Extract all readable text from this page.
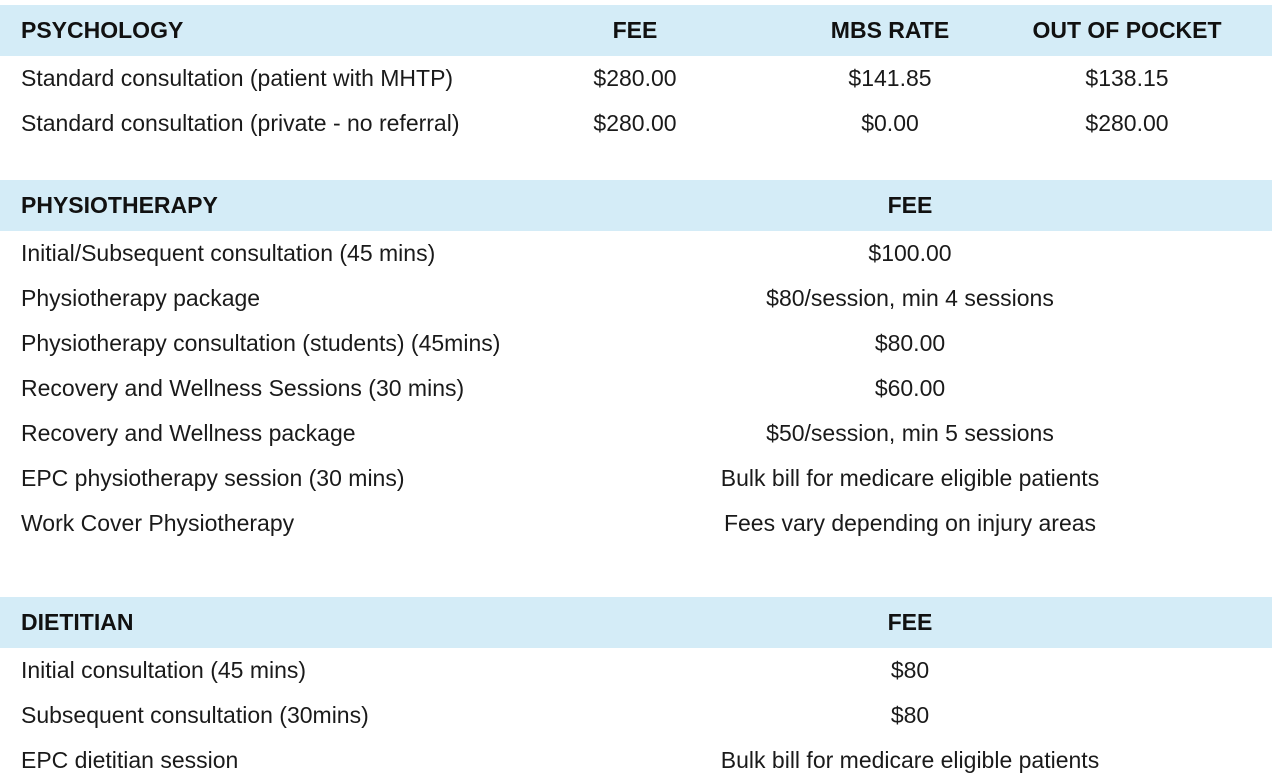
PSYCHOLOGY	FEE	MBS RATE	OUT OF POCKET
Standard consultation (patient with MHTP)	$280.00	$141.85	$138.15
Standard consultation (private - no referral)	$280.00	$0.00	$280.00
PHYSIOTHERAPY	FEE
Initial/Subsequent consultation (45 mins)	$100.00
Physiotherapy package	$80/session, min 4 sessions
Physiotherapy consultation (students) (45mins)	$80.00
Recovery and Wellness Sessions (30 mins)	$60.00
Recovery and Wellness package	$50/session, min 5 sessions
EPC physiotherapy session (30 mins)	Bulk bill for medicare eligible patients
Work Cover Physiotherapy	Fees vary depending on injury areas
DIETITIAN	FEE
Initial consultation (45 mins)	$80
Subsequent consultation (30mins)	$80
EPC dietitian session	Bulk bill for medicare eligible patients
